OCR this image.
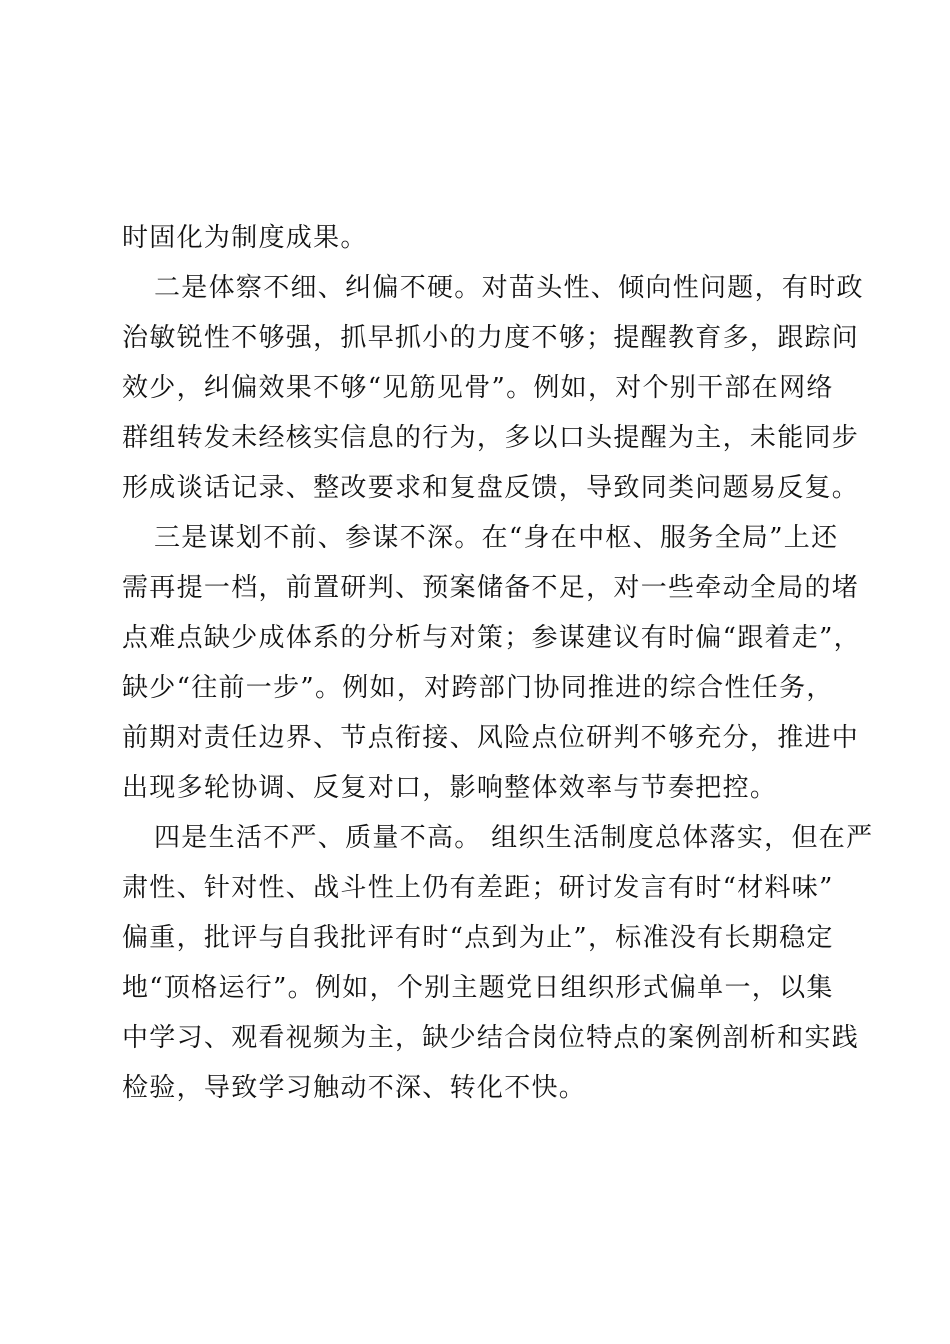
时固化为制度成果。
二是体察不细、纠偏不硬。对苗头性、倾向性问题，有时政
治敏锐性不够强，抓早抓小的力度不够；提醒教育多，跟踪问
效少，纠偏效果不够“见筋见骨”。例如，对个别干部在网络
群组转发未经核实信息的行为，多以口头提醒为主，未能同步
形成谈话记录、整改要求和复盘反馈，导致同类问题易反复。
三是谋划不前、参谋不深。在“身在中枢、服务全局”上还
需再提一档，前置研判、预案储备不足，对一些牵动全局的堵
点难点缺少成体系的分析与对策；参谋建议有时偏“跟着走”，
缺少“往前一步”。例如，对跨部门协同推进的综合性任务，
前期对责任边界、节点衔接、风险点位研判不够充分，推进中
出现多轮协调、反复对口，影响整体效率与节奏把控。
四是生活不严、质量不高。 组织生活制度总体落实，但在严
肃性、针对性、战斗性上仍有差距；研讨发言有时“材料味”
偏重，批评与自我批评有时“点到为止”，标准没有长期稳定
地“顶格运行”。例如，个别主题党日组织形式偏单一，以集
中学习、观看视频为主，缺少结合岗位特点的案例剖析和实践
检验，导致学习触动不深、转化不快。
